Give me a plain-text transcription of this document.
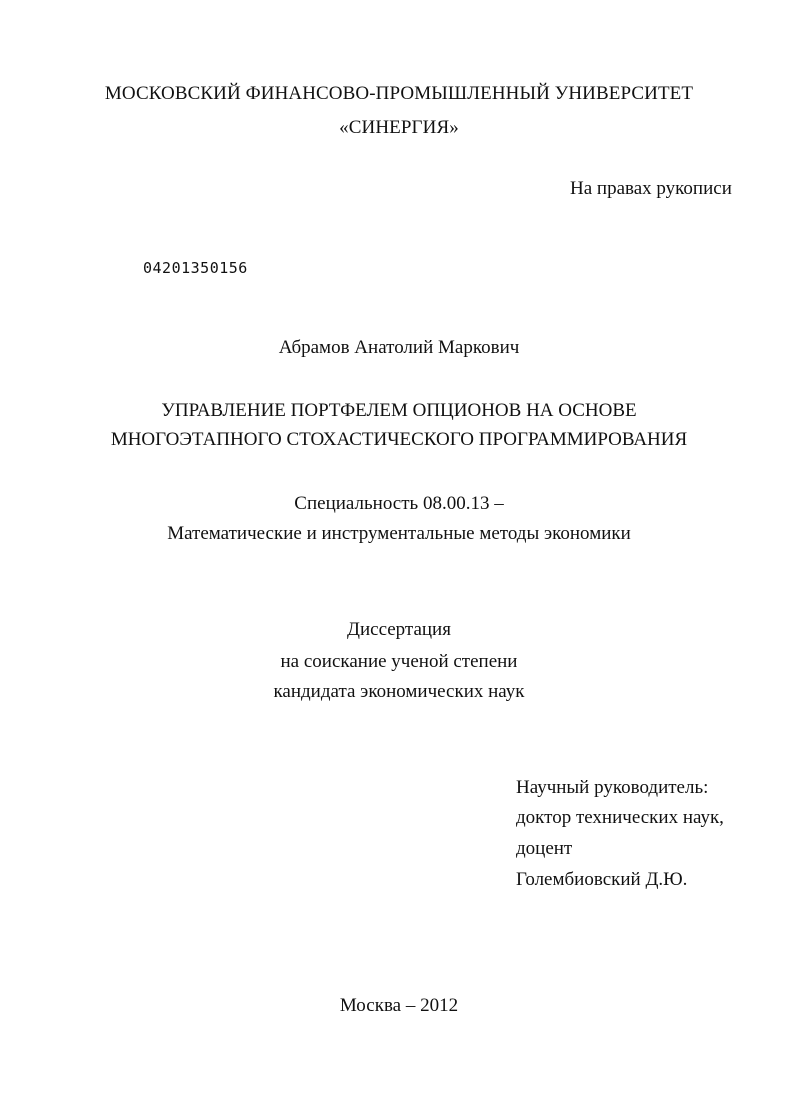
МОСКОВСКИЙ ФИНАНСОВО-ПРОМЫШЛЕННЫЙ УНИВЕРСИТЕТ
«СИНЕРГИЯ»
На правах рукописи
04201350156
Абрамов Анатолий Маркович
УПРАВЛЕНИЕ ПОРТФЕЛЕМ ОПЦИОНОВ НА ОСНОВЕ
МНОГОЭТАПНОГО СТОХАСТИЧЕСКОГО ПРОГРАММИРОВАНИЯ
Специальность 08.00.13 –
Математические и инструментальные методы экономики
Диссертация
на соискание ученой степени
кандидата экономических наук
Научный руководитель:
доктор технических наук,
доцент
Голембиовский Д.Ю.
Москва – 2012
